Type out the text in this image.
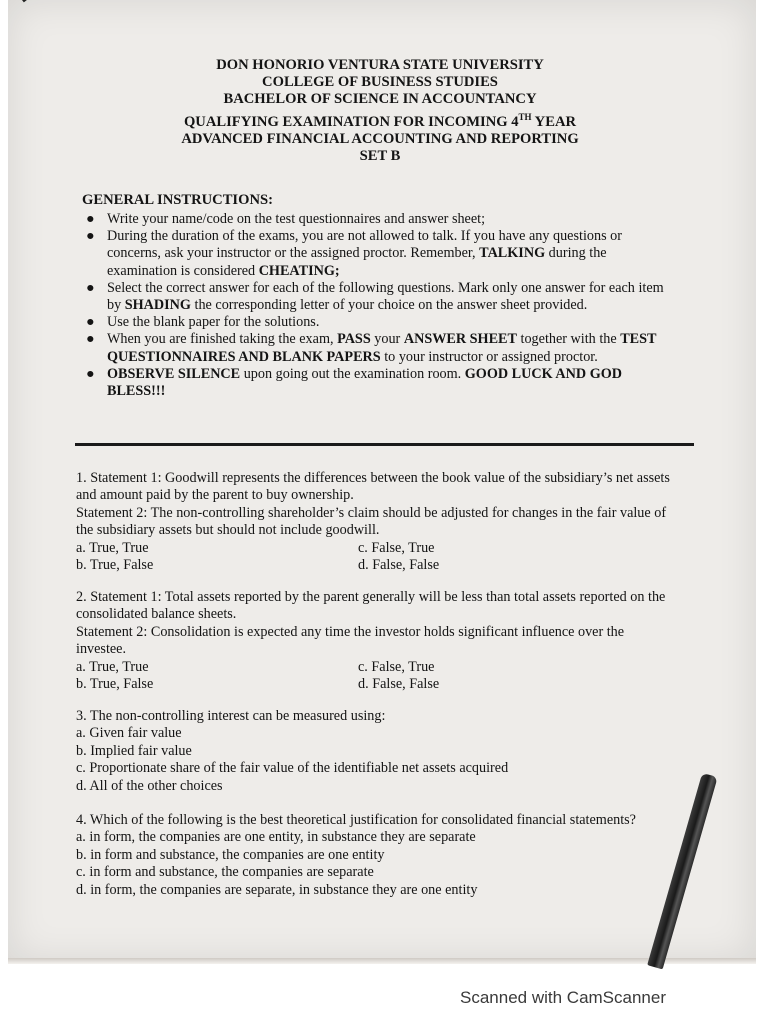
DON HONORIO VENTURA STATE UNIVERSITY
COLLEGE OF BUSINESS STUDIES
BACHELOR OF SCIENCE IN ACCOUNTANCY
QUALIFYING EXAMINATION FOR INCOMING 4TH YEAR
ADVANCED FINANCIAL ACCOUNTING AND REPORTING
SET B
GENERAL INSTRUCTIONS:
● Write your name/code on the test questionnaires and answer sheet;
● During the duration of the exams, you are not allowed to talk. If you have any questions or concerns, ask your instructor or the assigned proctor. Remember, TALKING during the examination is considered CHEATING;
● Select the correct answer for each of the following questions. Mark only one answer for each item by SHADING the corresponding letter of your choice on the answer sheet provided.
● Use the blank paper for the solutions.
● When you are finished taking the exam, PASS your ANSWER SHEET together with the TEST QUESTIONNAIRES AND BLANK PAPERS to your instructor or assigned proctor.
● OBSERVE SILENCE upon going out the examination room. GOOD LUCK AND GOD BLESS!!!

1. Statement 1: Goodwill represents the differences between the book value of the subsidiary’s net assets and amount paid by the parent to buy ownership.

Statement 2: The non-controlling shareholder’s claim should be adjusted for changes in the fair value of the subsidiary assets but should not include goodwill.

a. True, True
b. True, False
c. False, True
d. False, False

2. Statement 1: Total assets reported by the parent generally will be less than total assets reported on the consolidated balance sheets.

Statement 2: Consolidation is expected any time the investor holds significant influence over the investee.

a. True, True
b. True, False
c. False, True
d. False, False

3. The non-controlling interest can be measured using:

a. Given fair value

b. Implied fair value

c. Proportionate share of the fair value of the identifiable net assets acquired

d. All of the other choices

4. Which of the following is the best theoretical justification for consolidated financial statements?

a. in form, the companies are one entity, in substance they are separate

b. in form and substance, the companies are one entity

c. in form and substance, the companies are separate

d. in form, the companies are separate, in substance they are one entity

Scanned with CamScanner
